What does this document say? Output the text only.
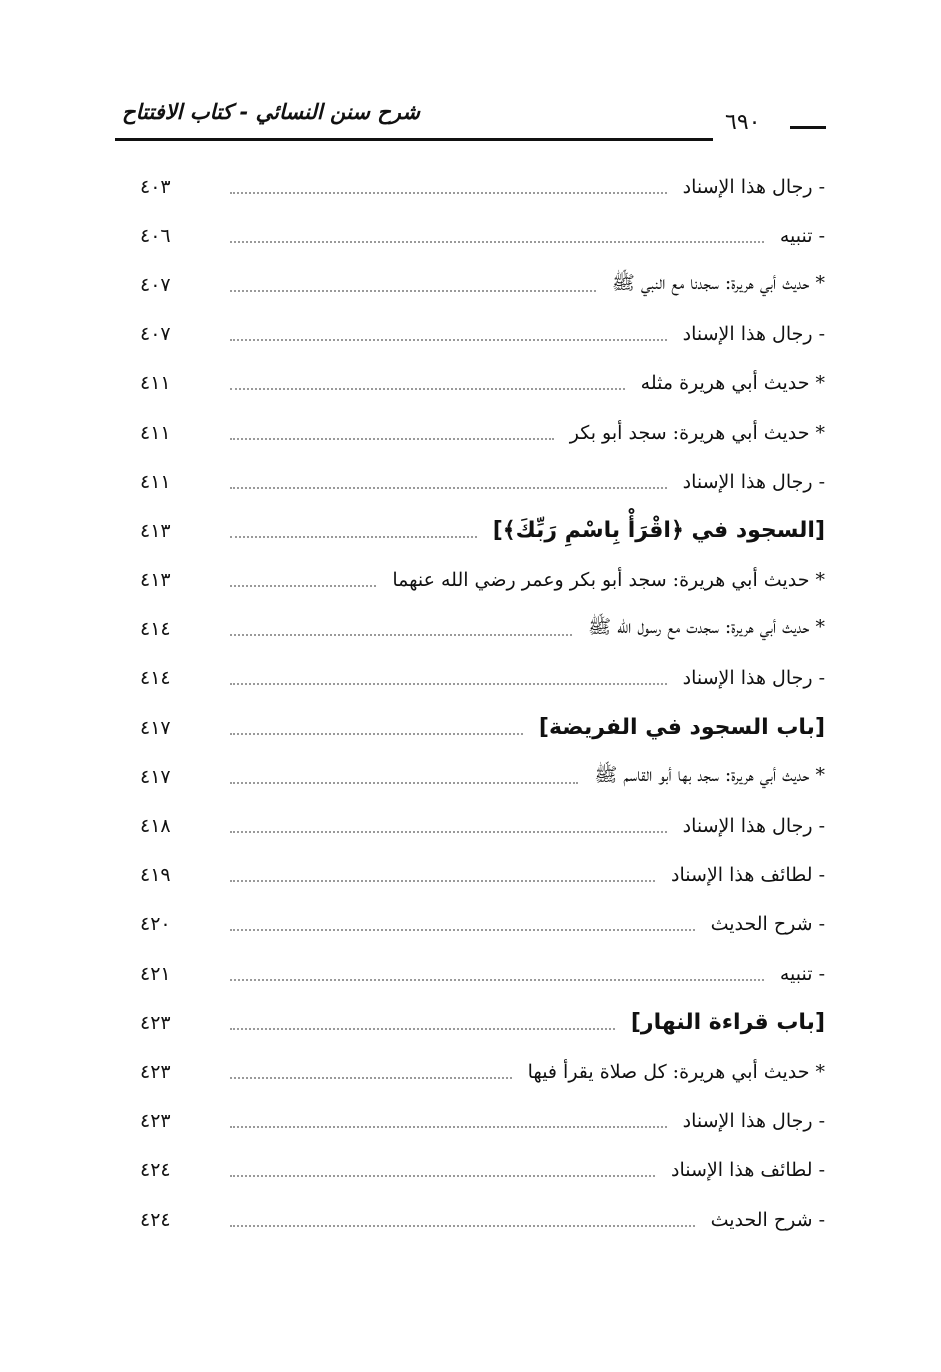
شرح سنن النسائي - كتاب الافتتاح	٦٩٠
- رجال هذا الإسناد
٤٠٣
- تنبيه
٤٠٦
* حديث أبي هريرة: سجدنا مع النبي ﷺ
٤٠٧
- رجال هذا الإسناد
٤٠٧
* حديث أبي هريرة مثله
٤١١
* حديث أبي هريرة: سجد أبو بكر
٤١١
- رجال هذا الإسناد
٤١١
[السجود في ﴿اقْرَأْ بِاسْمِ رَبِّكَ﴾]
٤١٣
* حديث أبي هريرة: سجد أبو بكر وعمر رضي الله عنهما
٤١٣
* حديث أبي هريرة: سجدت مع رسول الله ﷺ
٤١٤
- رجال هذا الإسناد
٤١٤
[باب السجود في الفريضة]
٤١٧
* حديث أبي هريرة: سجد بها أبو القاسم ﷺ
٤١٧
- رجال هذا الإسناد
٤١٨
- لطائف هذا الإسناد
٤١٩
- شرح الحديث
٤٢٠
- تنبيه
٤٢١
[باب قراءة النهار]
٤٢٣
* حديث أبي هريرة: كل صلاة يقرأ فيها
٤٢٣
- رجال هذا الإسناد
٤٢٣
- لطائف هذا الإسناد
٤٢٤
- شرح الحديث
٤٢٤
